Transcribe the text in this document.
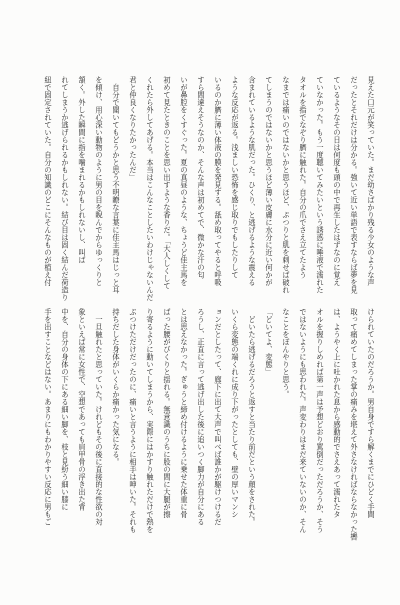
見えた口元が笑っていた。まだ幼さばかり残る少女のような声
だったとそれだけは分かる。強いて近い単語で表すならば夢を見
ているようなその日は何度も頭の中で再生したはずなのに覚え
ていなかった。もう一度聴いてみたいという誘惑に唾液で濡れた
タオルを指でなぞり臍に触れた。自分の爪でさえ立てたよう
なまでは痛いのではないかと思うほど、ぷつりと肌を刺せば破れ
てしまうのではないかと思うほど薄い皮膚に水分に近い何かが
含まれているような肌だった。ひくり、と逃げるような震える
ような反応が返る。浅ましい恐怖を感じ取りでもしたりして
いるのか臍に薄い体液の膜を発見する。舐め取ってやると呼吸
すら間違えそうなのか、そんな声は初めてで、微かな汗の匂
いが鼻腔をくすぐった。夏の真昼のような、ちょうど佳主馬を
初めて見たときのことを思い出すような香りだ。「大人しくして
くれたら外してあげる。本当はこんなことしたいわけじゃないんだ
君と仲良くなりたかったんだ」
　自分で聞いてもどうかと思う不明瞭な言葉に佳主馬はじっと耳
を傾け、用心深い動物のように男の目を睨んでからゆっくりと
頷く。外した瞬間に指を噛まれるかもしれないし、叫ば
れてしまうか逃げられるかもしれない。結び目は固く結んだ荷造り
紐で固定されていた。自分の知識のどこにそんなものが植え付
けられていたのだろうか。男自身ですら解くまでにひどく手間
取って痛めてしまった掌の痛みを堪えて外さなければならなかった轡
は、ようやく上に吐かれた息から感動的でさえあって濡れたタ
オルを握りしめれば第一声は予想どおり罵倒だっただろうか、そう
ではないようにも思われた。声変わりはまだ来ていないのか、そん
なことをぼんやりと思う。
「どいてよ、変態」
　どいたら逃げるだろうと返すと当たり前だという顔をされた。
いくら変態の端くれに成り下がったとしても、壁の厚いマンシ
ョンだとしたって、廊下に出て大声で叫べば誰かが駆けつけるだ
ろうし、正直に言って逃げ出した後に追いつく脚力が自分にある
とは思えなかった。ぎゅうと締め付けるように乗せた体重に骨
ばった腰がびくりと揺れる。無意識のうちに股の間に大腿が擦
り寄るように動いてしまうから、実際にはかすり触れただけで熱を
ぶつけただけだったのに、痛いと言うように相手は呻いた。それも
持ちだした身体がいくらか痛かった気になる。
　一旦触れたと思っていた。けれどもその後に直接的な性欲の対
象といえば常に女性で、空想であっても肩甲骨の浮き出た背
中を、自分の身体の下にある細い脚を、枝と見紛う細い膝に
手を出すことなどはない。あまりにもわかりやすい反応に男もご
